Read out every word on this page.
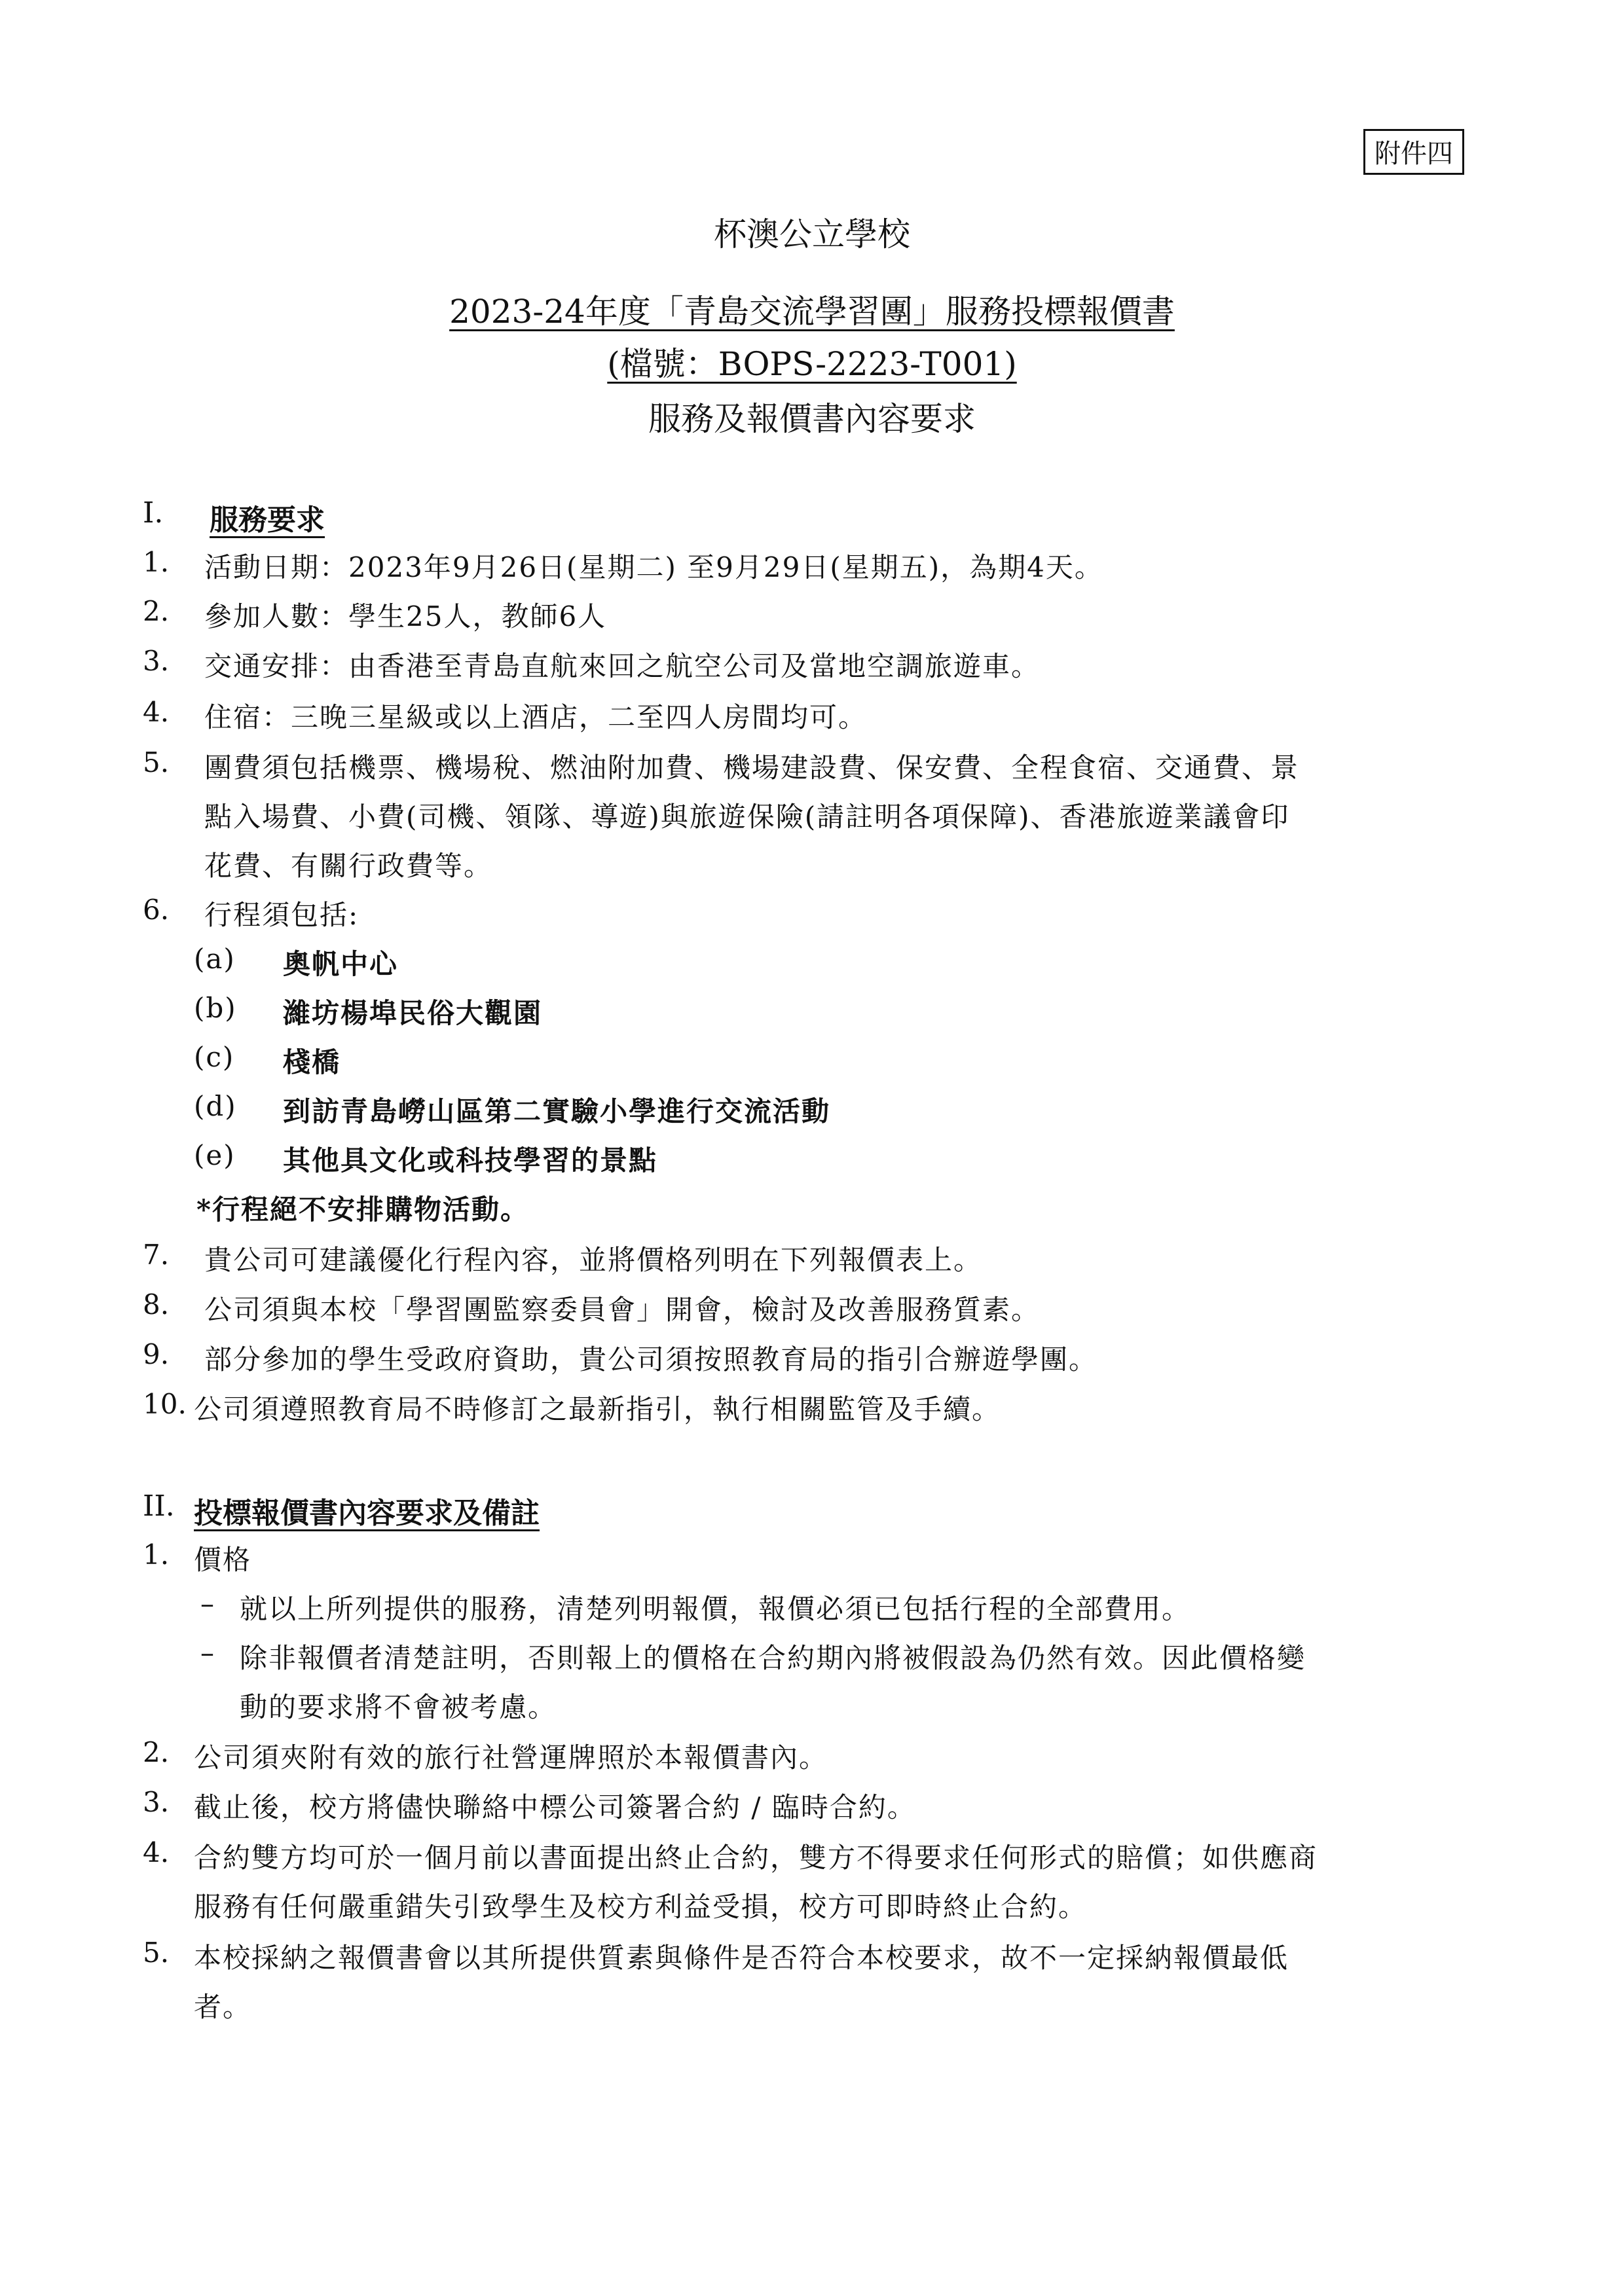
附件四
杯澳公立學校
2023-24年度「青島交流學習團」服務投標報價書
(檔號：BOPS-2223-T001)
服務及報價書內容要求
I. 服務要求
1. 活動日期：2023年9月26日(星期二) 至9月29日(星期五)，為期4天。
2. 參加人數：學生25人，教師6人
3. 交通安排：由香港至青島直航來回之航空公司及當地空調旅遊車。
4. 住宿：三晚三星級或以上酒店，二至四人房間均可。
5. 團費須包括機票、機場稅、燃油附加費、機場建設費、保安費、全程食宿、交通費、景
點入場費、小費(司機、領隊、導遊)與旅遊保險(請註明各項保障)、香港旅遊業議會印
花費、有關行政費等。
6. 行程須包括:
(a) 奧帆中心
(b) 濰坊楊埠民俗大觀園
(c) 棧橋
(d) 到訪青島嶗山區第二實驗小學進行交流活動
(e) 其他具文化或科技學習的景點
*行程絕不安排購物活動。
7. 貴公司可建議優化行程內容，並將價格列明在下列報價表上。
8. 公司須與本校「學習團監察委員會」開會，檢討及改善服務質素。
9. 部分參加的學生受政府資助，貴公司須按照教育局的指引合辦遊學團。
10. 公司須遵照教育局不時修訂之最新指引，執行相關監管及手續。
II. 投標報價書內容要求及備註
1. 價格
– 就以上所列提供的服務，清楚列明報價，報價必須已包括行程的全部費用。
– 除非報價者清楚註明，否則報上的價格在合約期內將被假設為仍然有效。因此價格變
動的要求將不會被考慮。
2. 公司須夾附有效的旅行社營運牌照於本報價書內。
3. 截止後，校方將儘快聯絡中標公司簽署合約 / 臨時合約。
4. 合約雙方均可於一個月前以書面提出終止合約，雙方不得要求任何形式的賠償；如供應商
服務有任何嚴重錯失引致學生及校方利益受損，校方可即時終止合約。
5. 本校採納之報價書會以其所提供質素與條件是否符合本校要求，故不一定採納報價最低
者。
